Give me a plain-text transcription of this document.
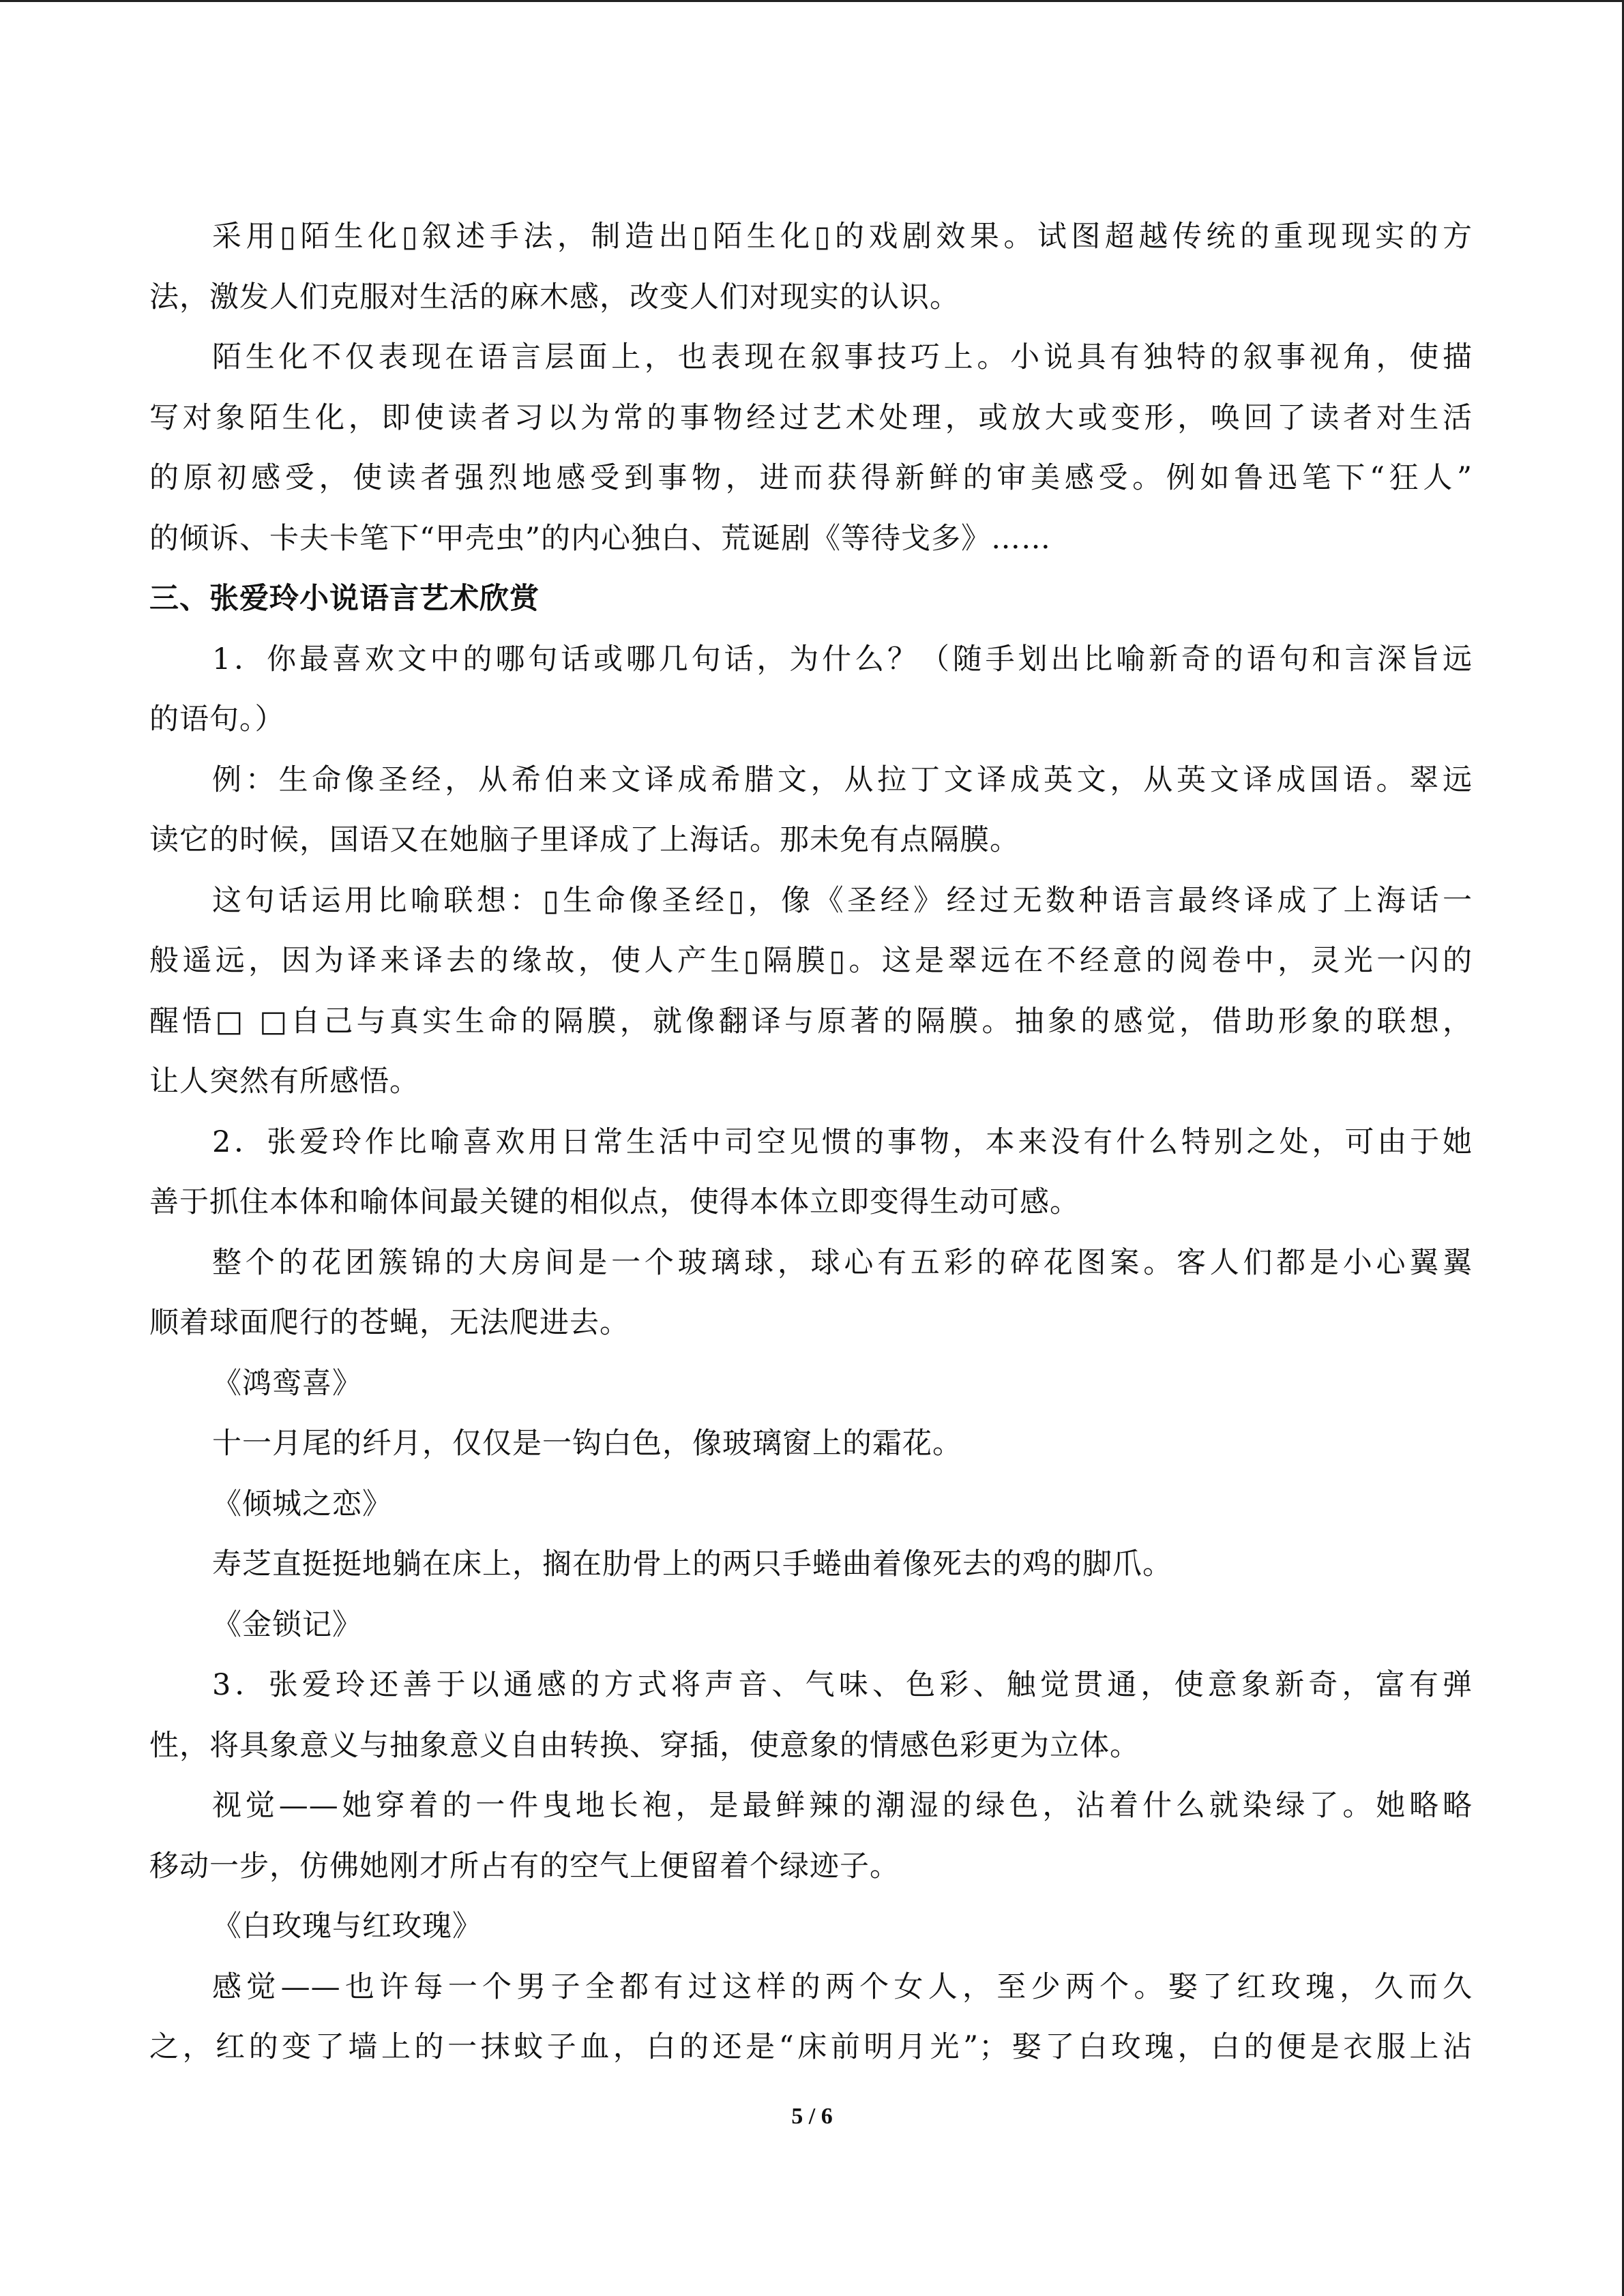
采用▯陌生化▯叙述手法，制造出▯陌生化▯的戏剧效果。试图超越传统的重现现实的方
法，激发人们克服对生活的麻木感，改变人们对现实的认识。
陌生化不仅表现在语言层面上，也表现在叙事技巧上。小说具有独特的叙事视角，使描
写对象陌生化，即使读者习以为常的事物经过艺术处理，或放大或变形，唤回了读者对生活
的原初感受，使读者强烈地感受到事物，进而获得新鲜的审美感受。例如鲁迅笔下“狂人”
的倾诉、卡夫卡笔下“甲壳虫”的内心独白、荒诞剧《等待戈多》……
三、张爱玲小说语言艺术欣赏
1．你最喜欢文中的哪句话或哪几句话，为什么？（随手划出比喻新奇的语句和言深旨远
的语句。）
例：生命像圣经，从希伯来文译成希腊文，从拉丁文译成英文，从英文译成国语。翠远
读它的时候，国语又在她脑子里译成了上海话。那未免有点隔膜。
这句话运用比喻联想：▯生命像圣经▯，像《圣经》经过无数种语言最终译成了上海话一
般遥远，因为译来译去的缘故，使人产生▯隔膜▯。这是翠远在不经意的阅卷中，灵光一闪的
醒悟□ □自己与真实生命的隔膜，就像翻译与原著的隔膜。抽象的感觉，借助形象的联想，
让人突然有所感悟。
2．张爱玲作比喻喜欢用日常生活中司空见惯的事物，本来没有什么特别之处，可由于她
善于抓住本体和喻体间最关键的相似点，使得本体立即变得生动可感。
整个的花团簇锦的大房间是一个玻璃球，球心有五彩的碎花图案。客人们都是小心翼翼
顺着球面爬行的苍蝇，无法爬进去。
《鸿鸾喜》
十一月尾的纤月，仅仅是一钩白色，像玻璃窗上的霜花。
《倾城之恋》
寿芝直挺挺地躺在床上，搁在肋骨上的两只手蜷曲着像死去的鸡的脚爪。
《金锁记》
3．张爱玲还善于以通感的方式将声音、气味、色彩、触觉贯通，使意象新奇，富有弹
性，将具象意义与抽象意义自由转换、穿插，使意象的情感色彩更为立体。
视觉——她穿着的一件曳地长袍，是最鲜辣的潮湿的绿色，沾着什么就染绿了。她略略
移动一步，仿佛她刚才所占有的空气上便留着个绿迹子。
《白玫瑰与红玫瑰》
感觉——也许每一个男子全都有过这样的两个女人，至少两个。娶了红玫瑰，久而久
之，红的变了墙上的一抹蚊子血，白的还是“床前明月光”；娶了白玫瑰，白的便是衣服上沾
5 / 6
